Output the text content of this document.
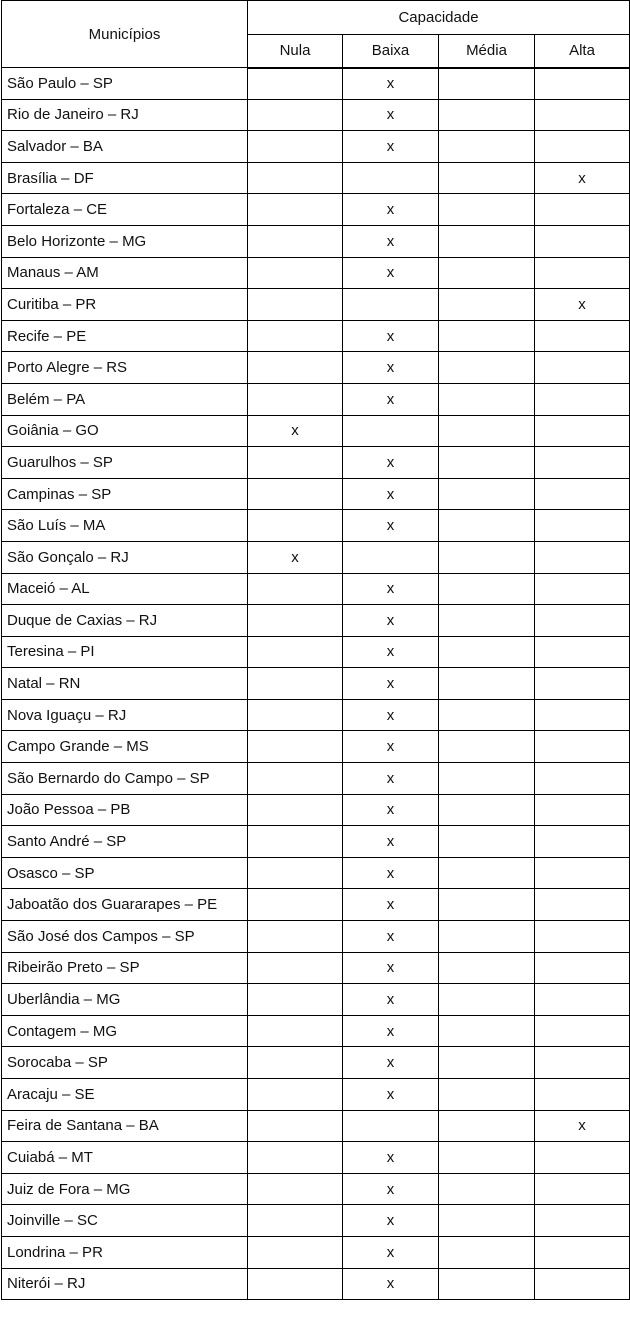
Municípios	Capacidade			
	Nula	Baixa	Média	Alta
São Paulo – SP		x		
Rio de Janeiro – RJ		x		
Salvador – BA		x		
Brasília – DF				x
Fortaleza – CE		x		
Belo Horizonte – MG		x		
Manaus – AM		x		
Curitiba – PR				x
Recife – PE		x		
Porto Alegre – RS		x		
Belém – PA		x		
Goiânia – GO	x			
Guarulhos – SP		x		
Campinas – SP		x		
São Luís – MA		x		
São Gonçalo – RJ	x			
Maceió – AL		x		
Duque de Caxias – RJ		x		
Teresina – PI		x		
Natal – RN		x		
Nova Iguaçu – RJ		x		
Campo Grande – MS		x		
São Bernardo do Campo – SP		x		
João Pessoa – PB		x		
Santo André – SP		x		
Osasco – SP		x		
Jaboatão dos Guararapes – PE		x		
São José dos Campos – SP		x		
Ribeirão Preto – SP		x		
Uberlândia – MG		x		
Contagem – MG		x		
Sorocaba – SP		x		
Aracaju – SE		x		
Feira de Santana – BA				x
Cuiabá – MT		x		
Juiz de Fora – MG		x		
Joinville – SC		x		
Londrina – PR		x		
Niterói – RJ		x		
